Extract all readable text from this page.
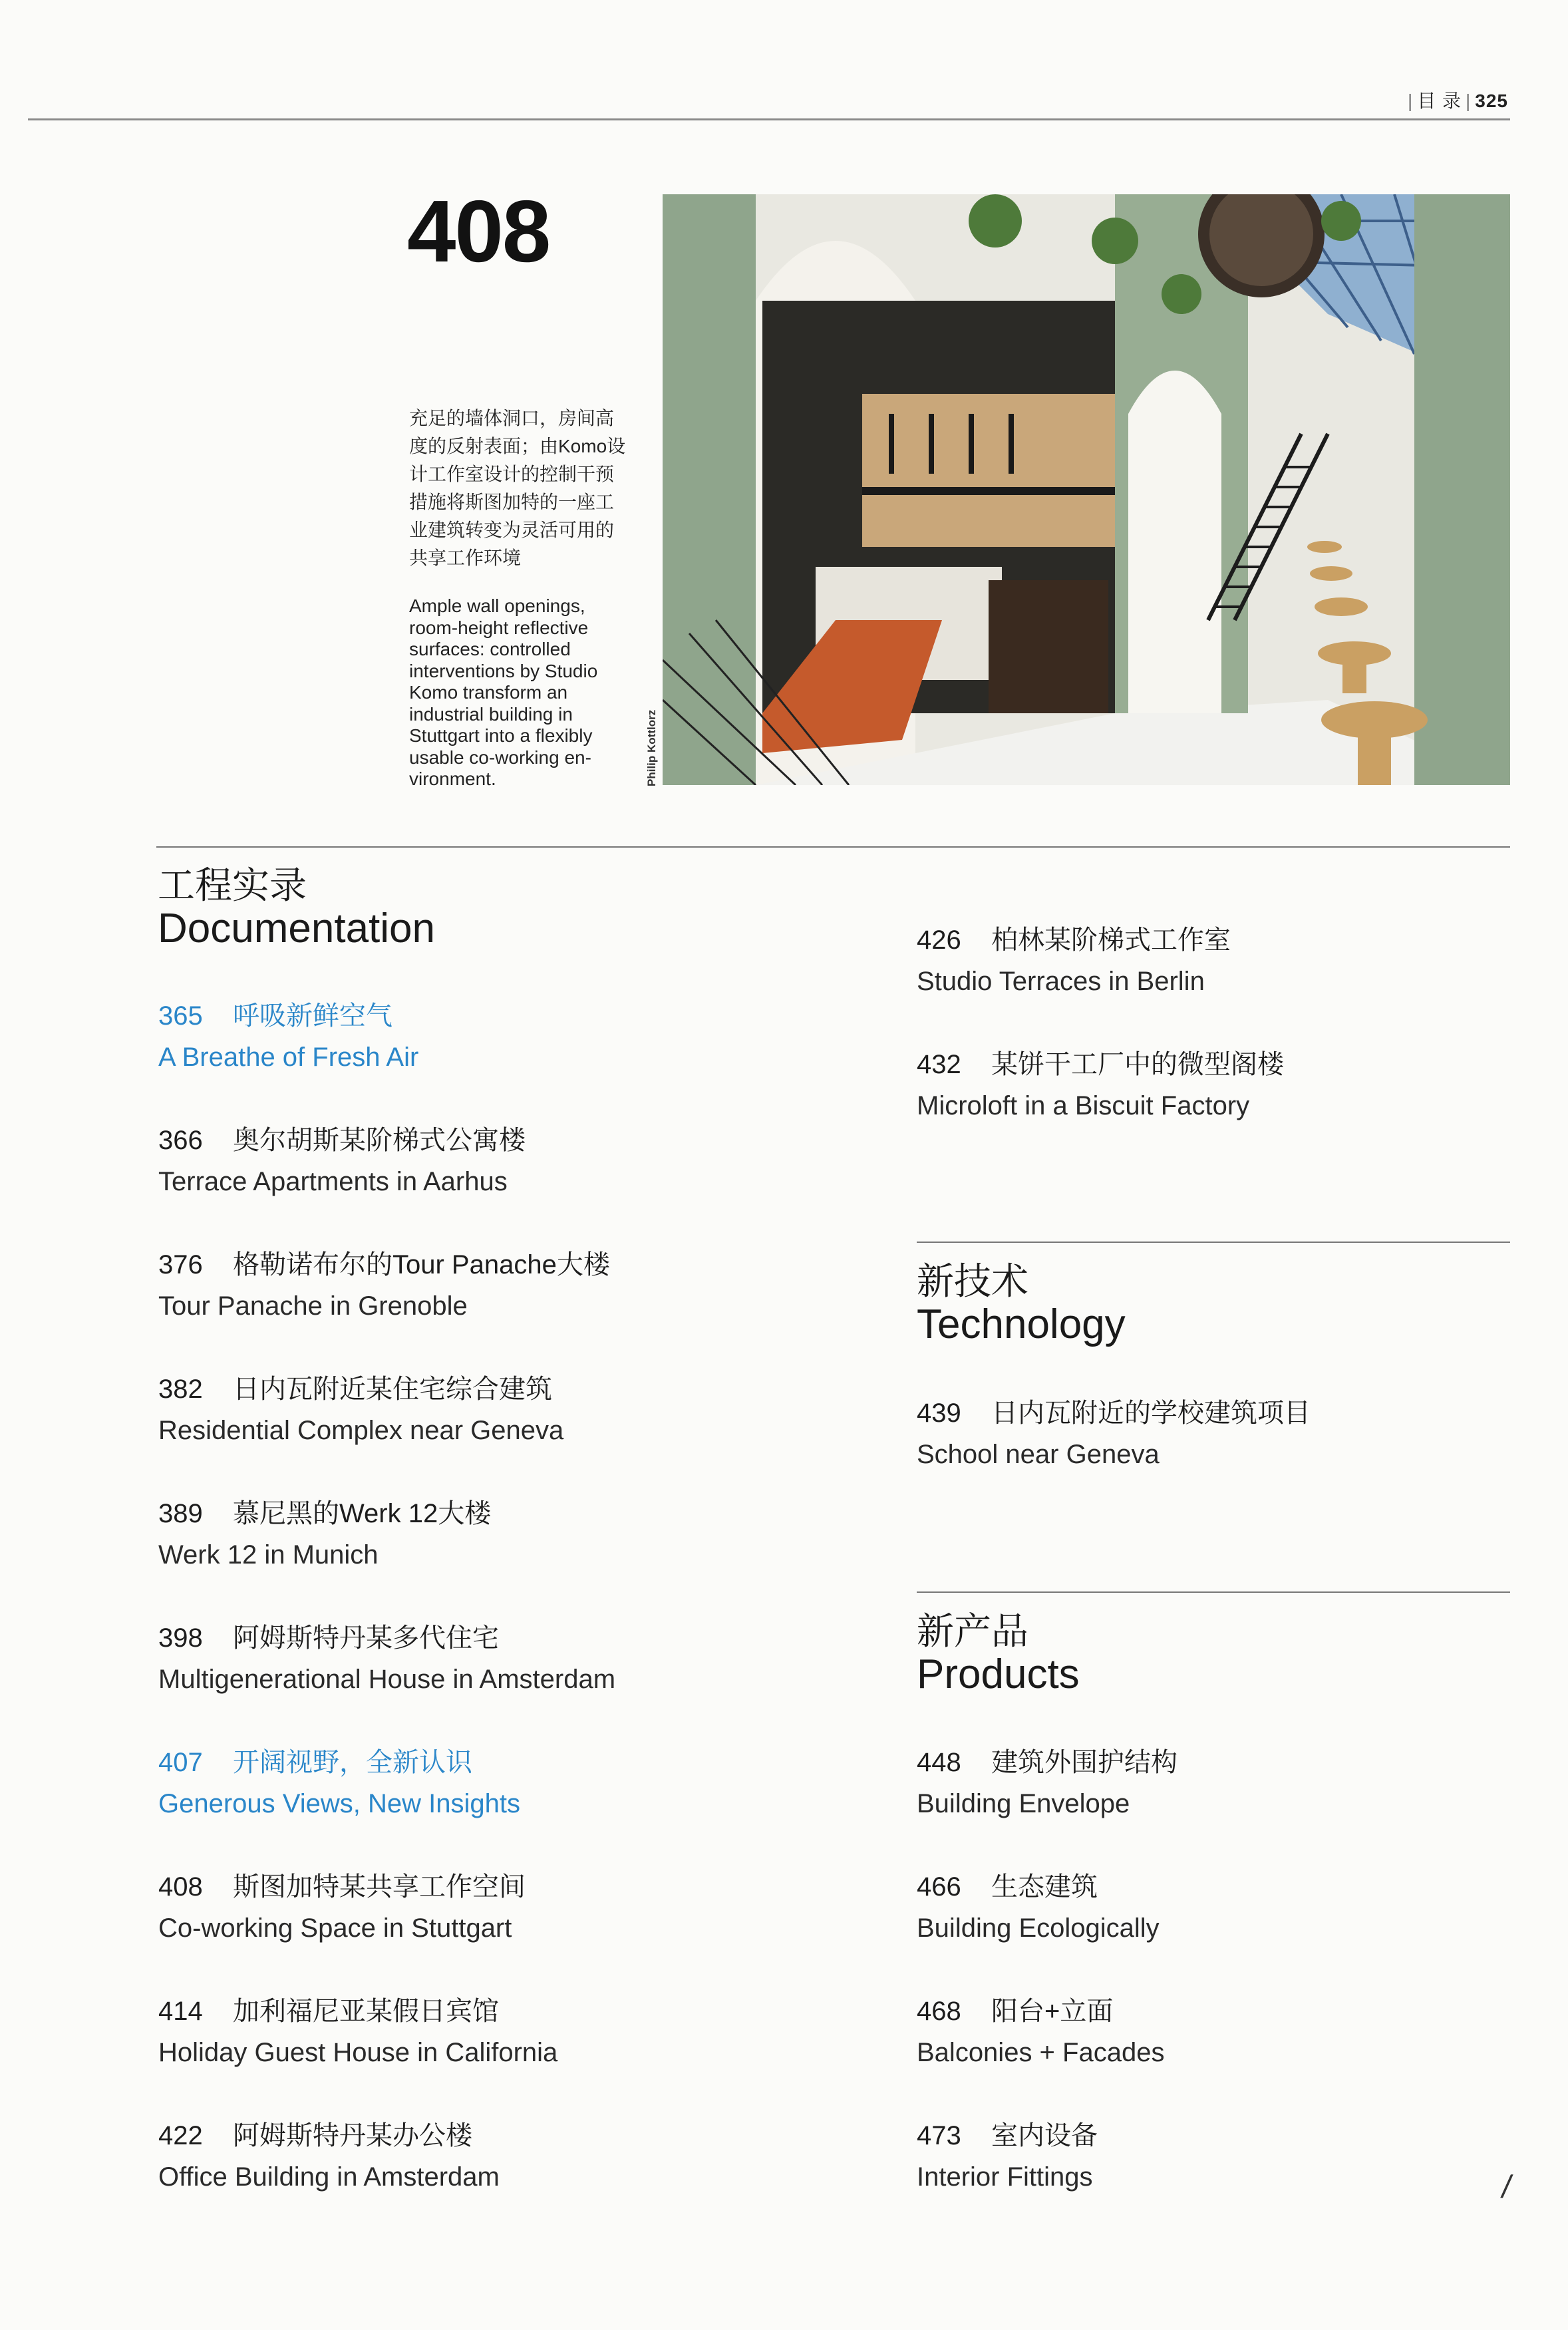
| 目 录 | 325
408
充足的墙体洞口，房间高度的反射表面；由Komo设计工作室设计的控制干预措施将斯图加特的一座工业建筑转变为灵活可用的共享工作环境
Ample wall openings, room-height reflective surfaces: controlled interventions by Studio Komo transform an industrial building in Stuttgart into a flexibly usable co-working en-vironment.	Philip Kottlorz
工程实录
Documentation
365 呼吸新鲜空气
A Breathe of Fresh Air
366 奥尔胡斯某阶梯式公寓楼
Terrace Apartments in Aarhus
376 格勒诺布尔的Tour Panache大楼
Tour Panache in Grenoble
382 日内瓦附近某住宅综合建筑
Residential Complex near Geneva
389 慕尼黑的Werk 12大楼
Werk 12 in Munich
398 阿姆斯特丹某多代住宅
Multigenerational House in Amsterdam
407 开阔视野，全新认识
Generous Views, New Insights
408 斯图加特某共享工作空间
Co-working Space in Stuttgart
414 加利福尼亚某假日宾馆
Holiday Guest House in California
422 阿姆斯特丹某办公楼
Office Building in Amsterdam
426 柏林某阶梯式工作室
Studio Terraces in Berlin
432 某饼干工厂中的微型阁楼
Microloft in a Biscuit Factory
新技术
Technology
439 日内瓦附近的学校建筑项目
School near Geneva
新产品
Products
448 建筑外围护结构
Building Envelope
466 生态建筑
Building Ecologically
468 阳台+立面
Balconies + Facades
473 室内设备
Interior Fittings	/
